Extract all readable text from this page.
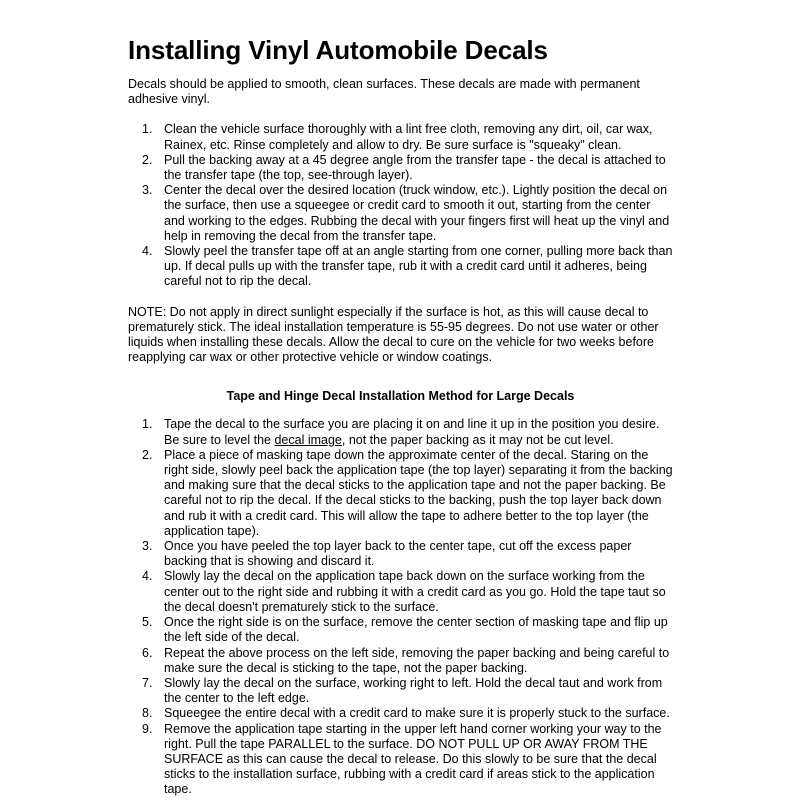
Installing Vinyl Automobile Decals

Decals should be applied to smooth, clean surfaces. These decals are made with permanent adhesive vinyl.

1. Clean the vehicle surface thoroughly with a lint free cloth, removing any dirt, oil, car wax, Rainex, etc. Rinse completely and allow to dry. Be sure surface is "squeaky" clean.
2. Pull the backing away at a 45 degree angle from the transfer tape - the decal is attached to the transfer tape (the top, see-through layer).
3. Center the decal over the desired location (truck window, etc.). Lightly position the decal on the surface, then use a squeegee or credit card to smooth it out, starting from the center and working to the edges. Rubbing the decal with your fingers first will heat up the vinyl and help in removing the decal from the transfer tape.
4. Slowly peel the transfer tape off at an angle starting from one corner, pulling more back than up. If decal pulls up with the transfer tape, rub it with a credit card until it adheres, being careful not to rip the decal.

NOTE: Do not apply in direct sunlight especially if the surface is hot, as this will cause decal to prematurely stick. The ideal installation temperature is 55-95 degrees. Do not use water or other liquids when installing these decals. Allow the decal to cure on the vehicle for two weeks before reapplying car wax or other protective vehicle or window coatings.

Tape and Hinge Decal Installation Method for Large Decals
1. Tape the decal to the surface you are placing it on and line it up in the position you desire. Be sure to level the decal image, not the paper backing as it may not be cut level.
2. Place a piece of masking tape down the approximate center of the decal. Staring on the right side, slowly peel back the application tape (the top layer) separating it from the backing and making sure that the decal sticks to the application tape and not the paper backing. Be careful not to rip the decal. If the decal sticks to the backing, push the top layer back down and rub it with a credit card. This will allow the tape to adhere better to the top layer (the application tape).
3. Once you have peeled the top layer back to the center tape, cut off the excess paper backing that is showing and discard it.
4. Slowly lay the decal on the application tape back down on the surface working from the center out to the right side and rubbing it with a credit card as you go. Hold the tape taut so the decal doesn't prematurely stick to the surface.
5. Once the right side is on the surface, remove the center section of masking tape and flip up the left side of the decal.
6. Repeat the above process on the left side, removing the paper backing and being careful to make sure the decal is sticking to the tape, not the paper backing.
7. Slowly lay the decal on the surface, working right to left. Hold the decal taut and work from the center to the left edge.
8. Squeegee the entire decal with a credit card to make sure it is properly stuck to the surface.
9. Remove the application tape starting in the upper left hand corner working your way to the right. Pull the tape PARALLEL to the surface. DO NOT PULL UP OR AWAY FROM THE SURFACE as this can cause the decal to release. Do this slowly to be sure that the decal sticks to the installation surface, rubbing with a credit card if areas stick to the application tape.
